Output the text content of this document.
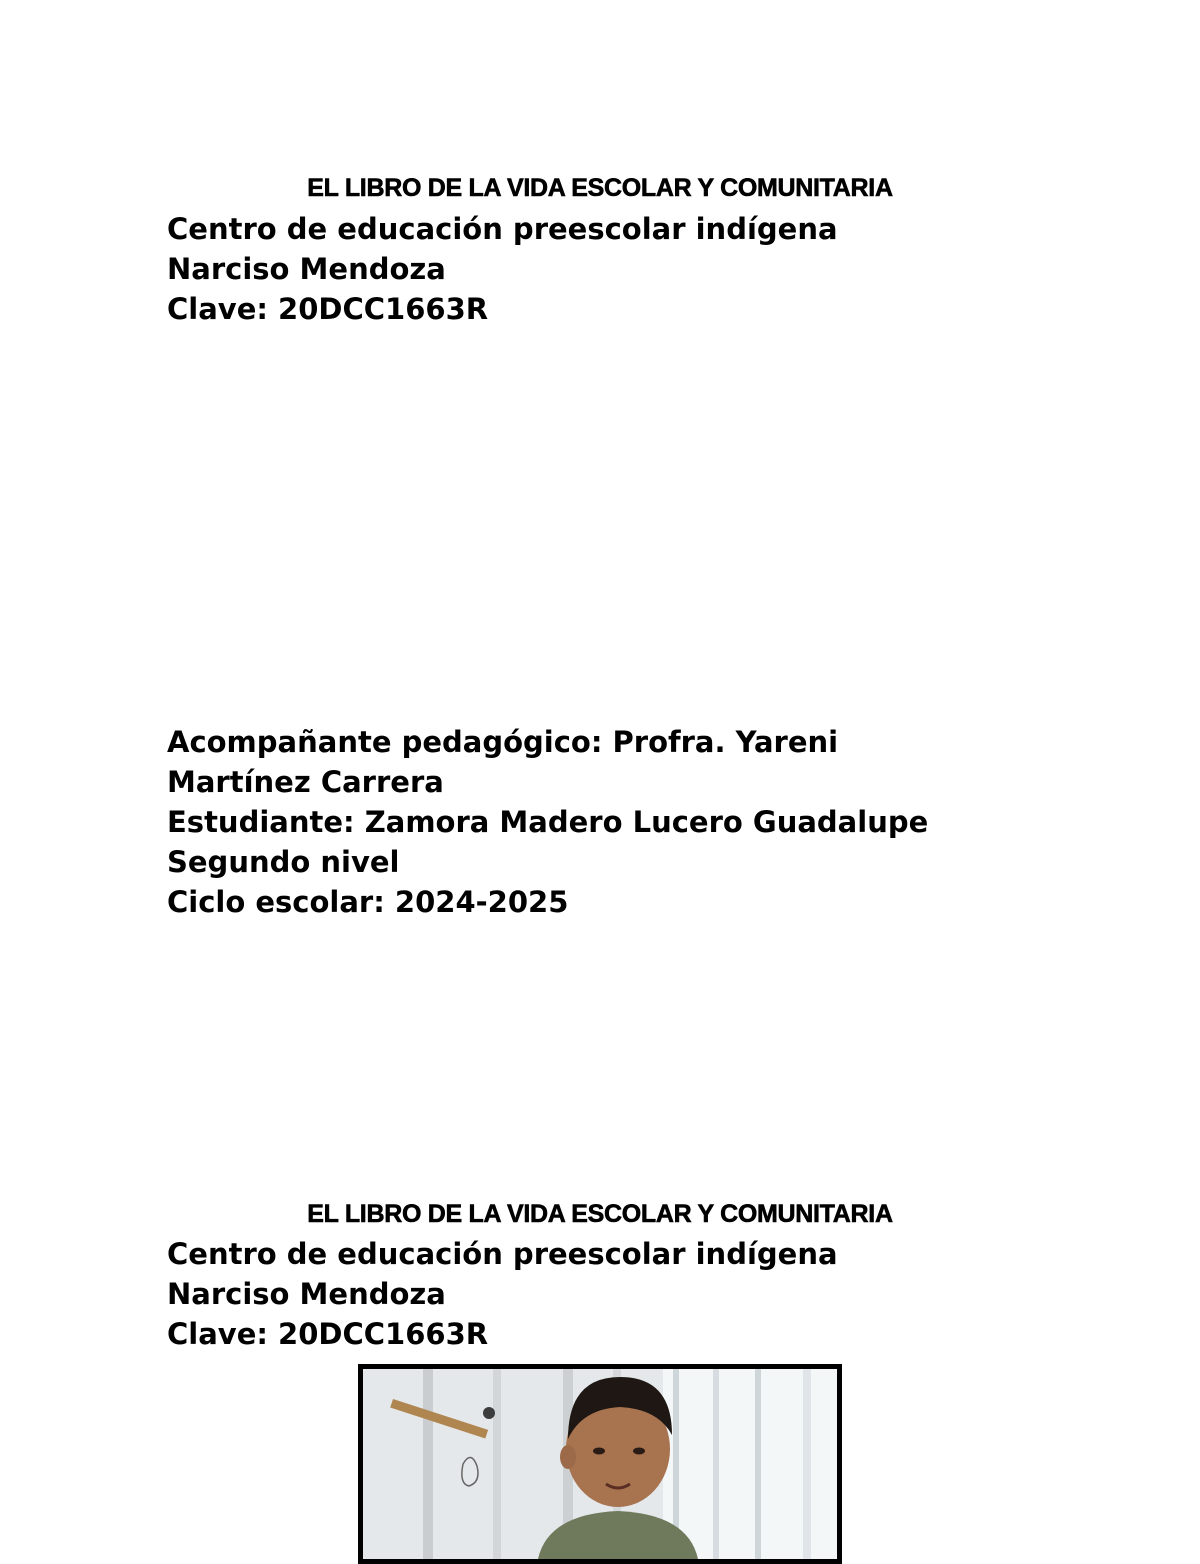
EL LIBRO DE LA VIDA ESCOLAR Y COMUNITARIA
Centro de educación preescolar indígena
Narciso Mendoza
Clave: 20DCC1663R
Acompañante pedagógico: Profra. Yareni
Martínez Carrera
Estudiante: Zamora Madero Lucero Guadalupe
Segundo nivel
Ciclo escolar: 2024-2025
EL LIBRO DE LA VIDA ESCOLAR Y COMUNITARIA
Centro de educación preescolar indígena
Narciso Mendoza
Clave: 20DCC1663R
